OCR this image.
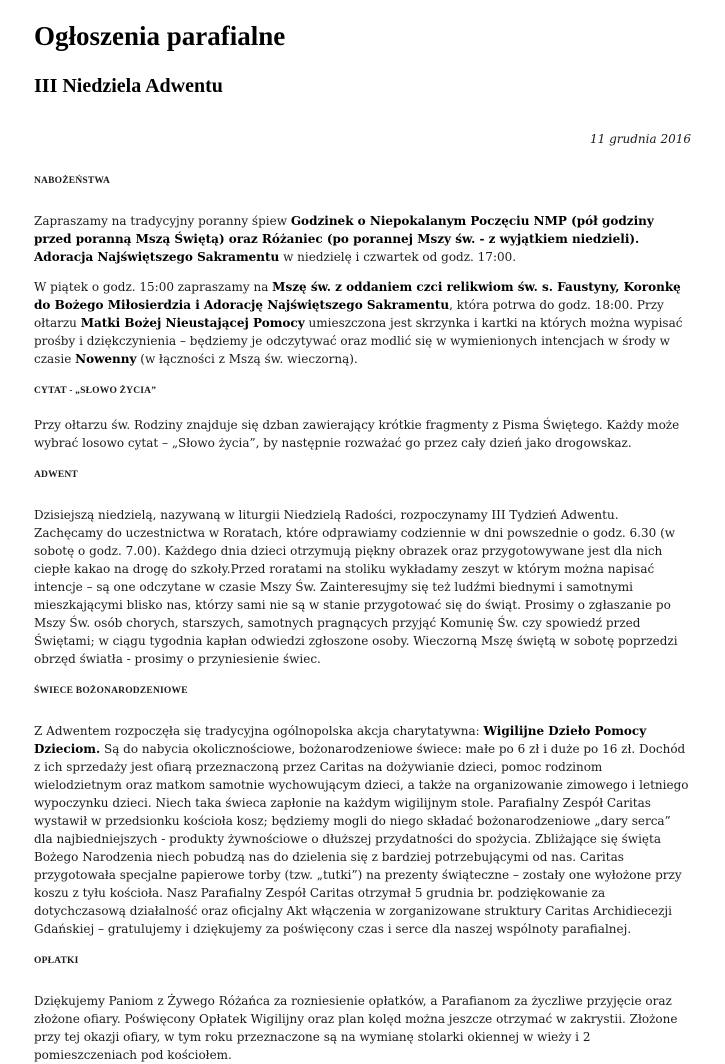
Ogłoszenia parafialne
III Niedziela Adwentu
11 grudnia 2016
NABOŻEŃSTWA

Zapraszamy na tradycyjny poranny śpiew Godzinek o Niepokalanym Poczęciu NMP (pół godziny przed poranną Mszą Świętą) oraz Różaniec (po porannej Mszy św. - z wyjątkiem niedzieli). Adoracja Najświętszego Sakramentu w niedzielę i czwartek od godz. 17:00.

W piątek o godz. 15:00 zapraszamy na Mszę św. z oddaniem czci relikwiom św. s. Faustyny, Koronkę do Bożego Miłosierdzia i Adorację Najświętszego Sakramentu, która potrwa do godz. 18:00. Przy ołtarzu Matki Bożej Nieustającej Pomocy umieszczona jest skrzynka i kartki na których można wypisać prośby i dziękczynienia – będziemy je odczytywać oraz modlić się w wymienionych intencjach w środy w czasie Nowenny (w łączności z Mszą św. wieczorną).

CYTAT - „SŁOWO ŻYCIA”

Przy ołtarzu św. Rodziny znajduje się dzban zawierający krótkie fragmenty z Pisma Świętego. Każdy może wybrać losowo cytat – „Słowo życia”, by następnie rozważać go przez cały dzień jako drogowskaz.

ADWENT

Dzisiejszą niedzielą, nazywaną w liturgii Niedzielą Radości, rozpoczynamy III Tydzień Adwentu. Zachęcamy do uczestnictwa w Roratach, które odprawiamy codziennie w dni powszednie o godz. 6.30 (w sobotę o godz. 7.00). Każdego dnia dzieci otrzymują piękny obrazek oraz przygotowywane jest dla nich ciepłe kakao na drogę do szkoły.Przed roratami na stoliku wykładamy zeszyt w którym można napisać intencje – są one odczytane w czasie Mszy Św. Zainteresujmy się też ludźmi biednymi i samotnymi mieszkającymi blisko nas, którzy sami nie są w stanie przygotować się do świąt. Prosimy o zgłaszanie po Mszy Św. osób chorych, starszych, samotnych pragnących przyjąć Komunię Św. czy spowiedź przed Świętami; w ciągu tygodnia kapłan odwiedzi zgłoszone osoby. Wieczorną Mszę świętą w sobotę poprzedzi obrzęd światła - prosimy o przyniesienie świec.

ŚWIECE BOŻONARODZENIOWE

Z Adwentem rozpoczęła się tradycyjna ogólnopolska akcja charytatywna: Wigilijne Dzieło Pomocy Dzieciom. Są do nabycia okolicznościowe, bożonarodzeniowe świece: małe po 6 zł i duże po 16 zł. Dochód z ich sprzedaży jest ofiarą przeznaczoną przez Caritas na dożywianie dzieci, pomoc rodzinom wielodzietnym oraz matkom samotnie wychowującym dzieci, a także na organizowanie zimowego i letniego wypoczynku dzieci. Niech taka świeca zapłonie na każdym wigilijnym stole. Parafialny Zespół Caritas wystawił w przedsionku kościoła kosz; będziemy mogli do niego składać bożonarodzeniowe „dary serca” dla najbiedniejszych - produkty żywnościowe o dłuższej przydatności do spożycia. Zbliżające się święta Bożego Narodzenia niech pobudzą nas do dzielenia się z bardziej potrzebującymi od nas. Caritas przygotowała specjalne papierowe torby (tzw. „tutki”) na prezenty świąteczne – zostały one wyłożone przy koszu z tyłu kościoła. Nasz Parafialny Zespół Caritas otrzymał 5 grudnia br. podziękowanie za dotychczasową działalność oraz oficjalny Akt włączenia w zorganizowane struktury Caritas Archidiecezji Gdańskiej – gratulujemy i dziękujemy za poświęcony czas i serce dla naszej wspólnoty parafialnej.

OPŁATKI

Dziękujemy Paniom z Żywego Różańca za rozniesienie opłatków, a Parafianom za życzliwe przyjęcie oraz złożone ofiary. Poświęcony Opłatek Wigilijny oraz plan kolęd można jeszcze otrzymać w zakrystii. Złożone przy tej okazji ofiary, w tym roku przeznaczone są na wymianę stolarki okiennej w wieży i 2 pomieszczeniach pod kościołem.
